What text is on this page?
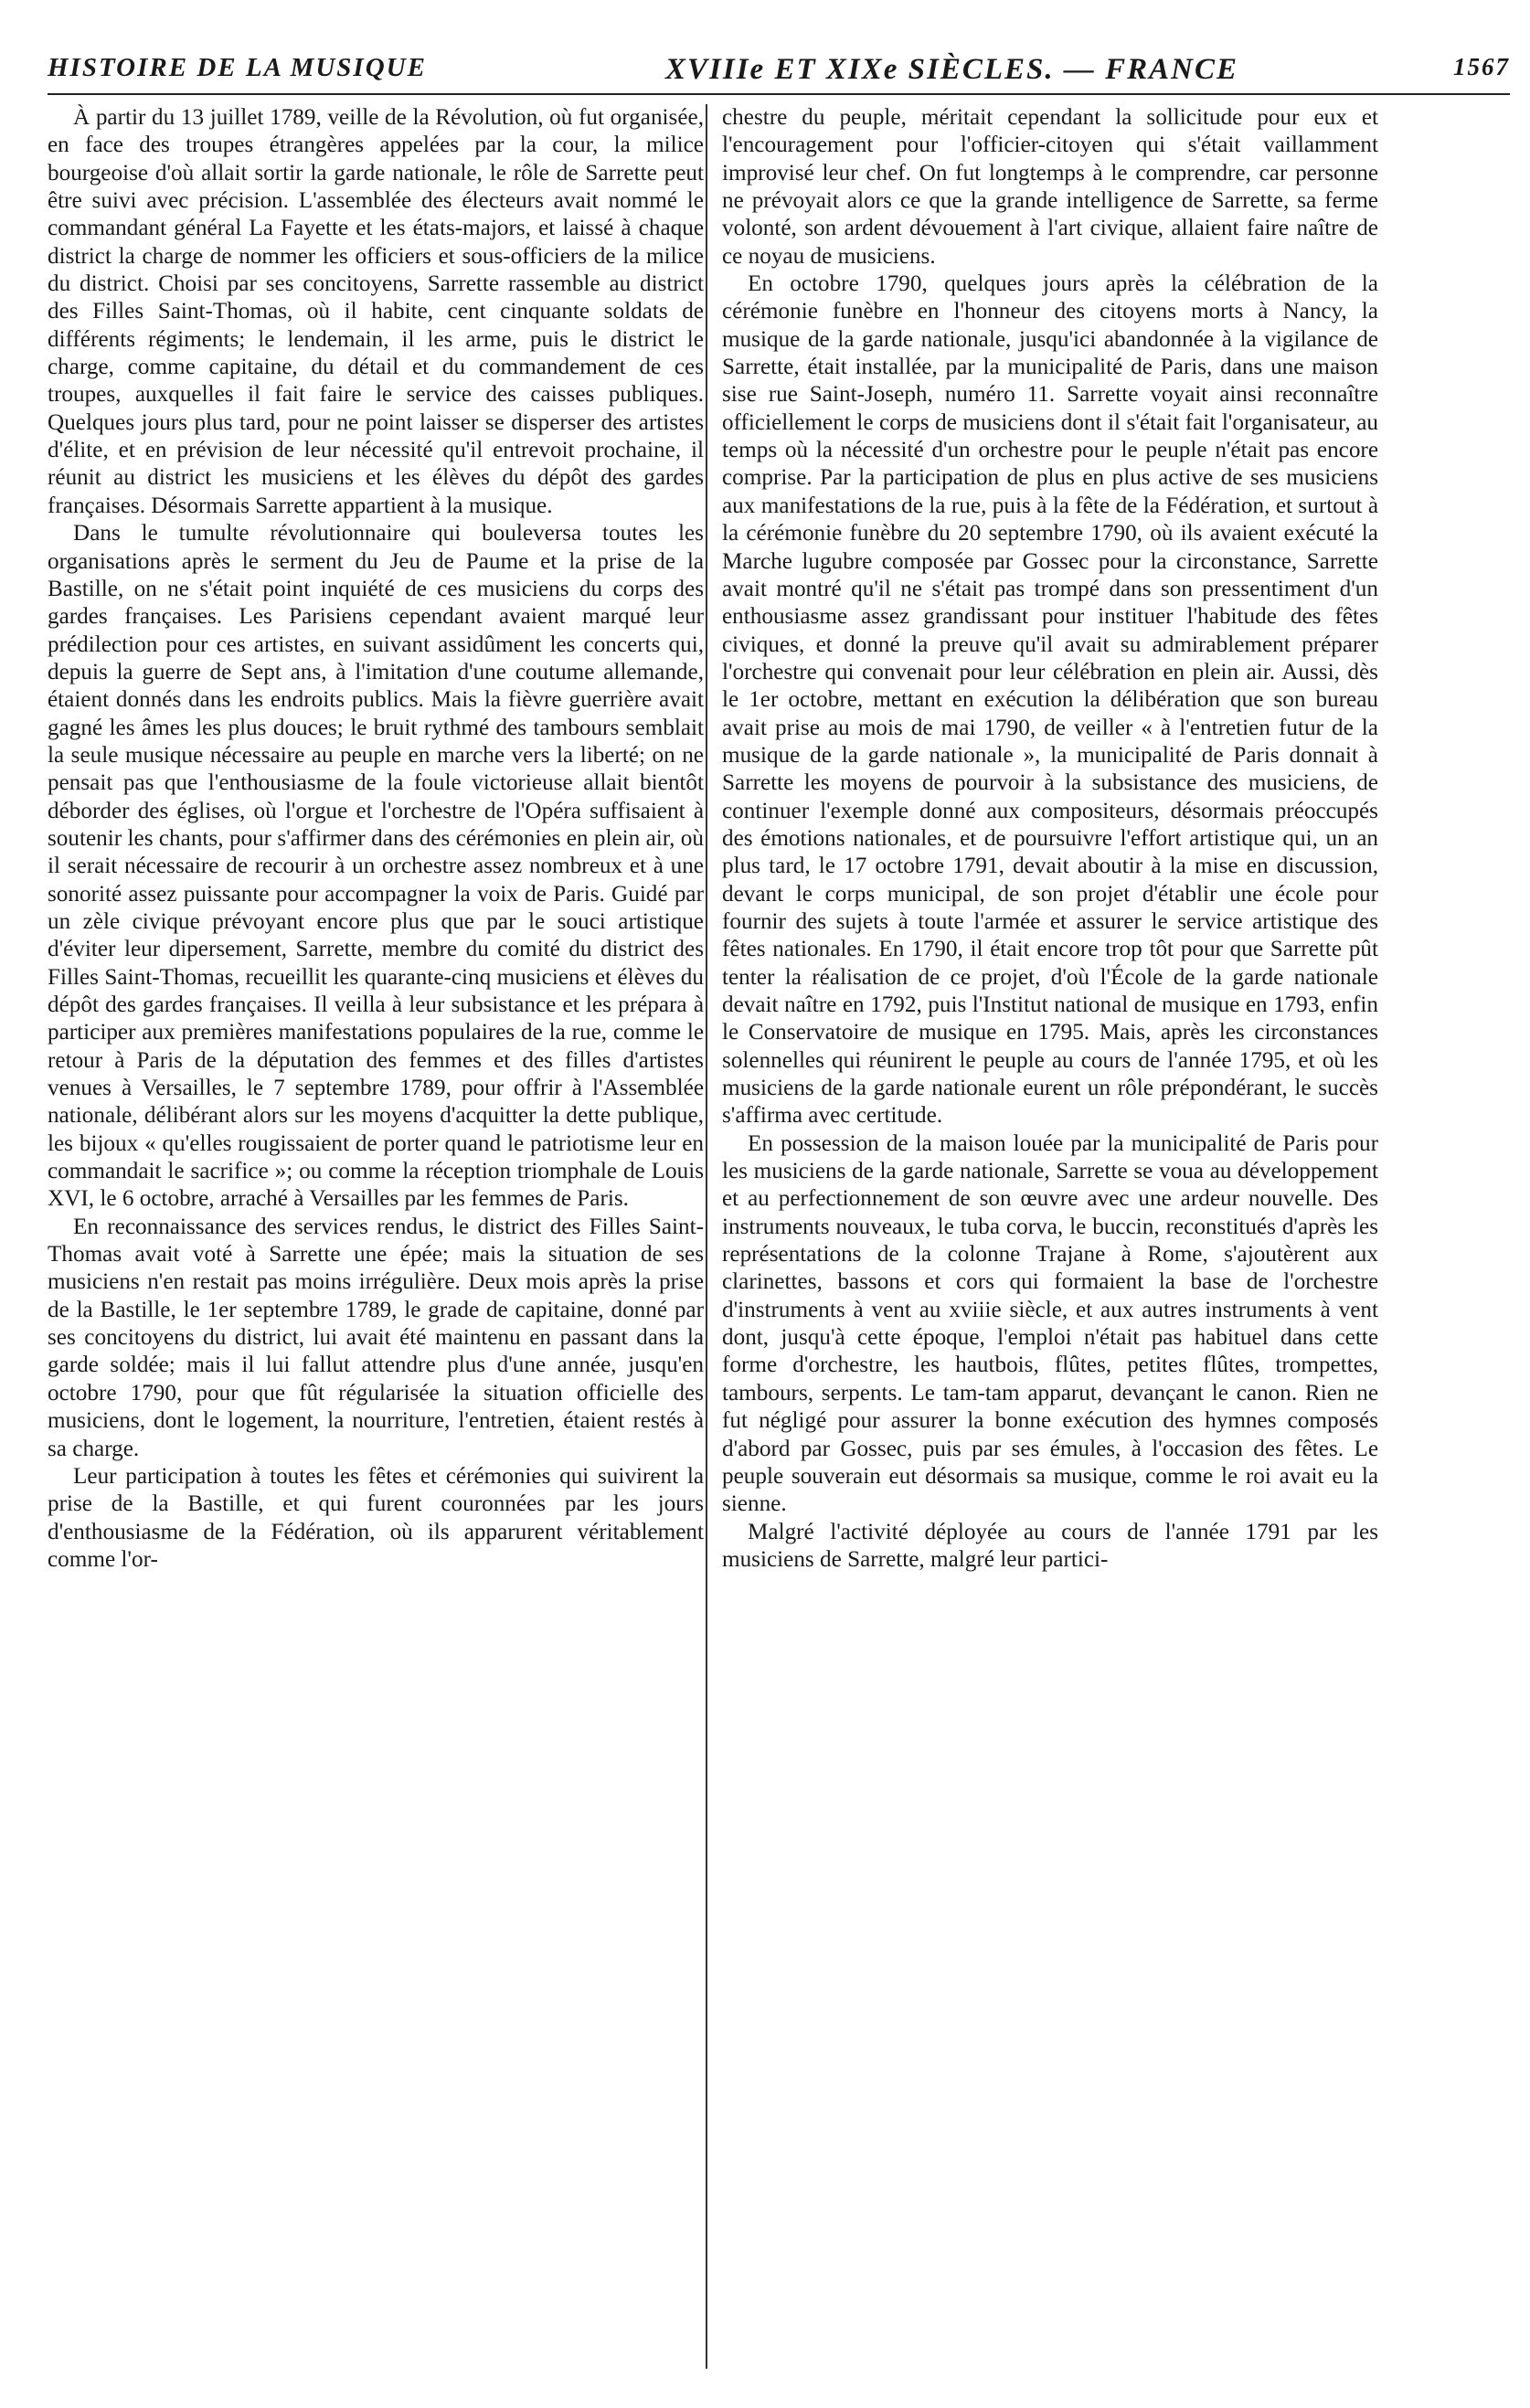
HISTOIRE DE LA MUSIQUE	XVIIIe ET XIXe SIÈCLES. — FRANCE	1567

À partir du 13 juillet 1789, veille de la Révolution, où fut organisée, en face des troupes étrangères appelées par la cour, la milice bourgeoise d'où allait sortir la garde nationale, le rôle de Sarrette peut être suivi avec précision. L'assemblée des électeurs avait nommé le commandant général La Fayette et les états-majors, et laissé à chaque district la charge de nommer les officiers et sous-officiers de la milice du district. Choisi par ses concitoyens, Sarrette rassemble au district des Filles Saint-Thomas, où il habite, cent cinquante soldats de différents régiments; le lendemain, il les arme, puis le district le charge, comme capitaine, du détail et du commandement de ces troupes, auxquelles il fait faire le service des caisses publiques. Quelques jours plus tard, pour ne point laisser se disperser des artistes d'élite, et en prévision de leur nécessité qu'il entrevoit prochaine, il réunit au district les musiciens et les élèves du dépôt des gardes françaises. Désormais Sarrette appartient à la musique.

Dans le tumulte révolutionnaire qui bouleversa toutes les organisations après le serment du Jeu de Paume et la prise de la Bastille, on ne s'était point inquiété de ces musiciens du corps des gardes françaises. Les Parisiens cependant avaient marqué leur prédilection pour ces artistes, en suivant assidûment les concerts qui, depuis la guerre de Sept ans, à l'imitation d'une coutume allemande, étaient donnés dans les endroits publics. Mais la fièvre guerrière avait gagné les âmes les plus douces; le bruit rythmé des tambours semblait la seule musique nécessaire au peuple en marche vers la liberté; on ne pensait pas que l'enthousiasme de la foule victorieuse allait bientôt déborder des églises, où l'orgue et l'orchestre de l'Opéra suffisaient à soutenir les chants, pour s'affirmer dans des cérémonies en plein air, où il serait nécessaire de recourir à un orchestre assez nombreux et à une sonorité assez puissante pour accompagner la voix de Paris. Guidé par un zèle civique prévoyant encore plus que par le souci artistique d'éviter leur dipersement, Sarrette, membre du comité du district des Filles Saint-Thomas, recueillit les quarante-cinq musiciens et élèves du dépôt des gardes françaises. Il veilla à leur subsistance et les prépara à participer aux premières manifestations populaires de la rue, comme le retour à Paris de la députation des femmes et des filles d'artistes venues à Versailles, le 7 septembre 1789, pour offrir à l'Assemblée nationale, délibérant alors sur les moyens d'acquitter la dette publique, les bijoux « qu'elles rougissaient de porter quand le patriotisme leur en commandait le sacrifice »; ou comme la réception triomphale de Louis XVI, le 6 octobre, arraché à Versailles par les femmes de Paris.

En reconnaissance des services rendus, le district des Filles Saint-Thomas avait voté à Sarrette une épée; mais la situation de ses musiciens n'en restait pas moins irrégulière. Deux mois après la prise de la Bastille, le 1er septembre 1789, le grade de capitaine, donné par ses concitoyens du district, lui avait été maintenu en passant dans la garde soldée; mais il lui fallut attendre plus d'une année, jusqu'en octobre 1790, pour que fût régularisée la situation officielle des musiciens, dont le logement, la nourriture, l'entretien, étaient restés à sa charge.

Leur participation à toutes les fêtes et cérémonies qui suivirent la prise de la Bastille, et qui furent couronnées par les jours d'enthousiasme de la Fédération, où ils apparurent véritablement comme l'or-

chestre du peuple, méritait cependant la sollicitude pour eux et l'encouragement pour l'officier-citoyen qui s'était vaillamment improvisé leur chef. On fut longtemps à le comprendre, car personne ne prévoyait alors ce que la grande intelligence de Sarrette, sa ferme volonté, son ardent dévouement à l'art civique, allaient faire naître de ce noyau de musiciens.

En octobre 1790, quelques jours après la célébration de la cérémonie funèbre en l'honneur des citoyens morts à Nancy, la musique de la garde nationale, jusqu'ici abandonnée à la vigilance de Sarrette, était installée, par la municipalité de Paris, dans une maison sise rue Saint-Joseph, numéro 11. Sarrette voyait ainsi reconnaître officiellement le corps de musiciens dont il s'était fait l'organisateur, au temps où la nécessité d'un orchestre pour le peuple n'était pas encore comprise. Par la participation de plus en plus active de ses musiciens aux manifestations de la rue, puis à la fête de la Fédération, et surtout à la cérémonie funèbre du 20 septembre 1790, où ils avaient exécuté la Marche lugubre composée par Gossec pour la circonstance, Sarrette avait montré qu'il ne s'était pas trompé dans son pressentiment d'un enthousiasme assez grandissant pour instituer l'habitude des fêtes civiques, et donné la preuve qu'il avait su admirablement préparer l'orchestre qui convenait pour leur célébration en plein air. Aussi, dès le 1er octobre, mettant en exécution la délibération que son bureau avait prise au mois de mai 1790, de veiller « à l'entretien futur de la musique de la garde nationale », la municipalité de Paris donnait à Sarrette les moyens de pourvoir à la subsistance des musiciens, de continuer l'exemple donné aux compositeurs, désormais préoccupés des émotions nationales, et de poursuivre l'effort artistique qui, un an plus tard, le 17 octobre 1791, devait aboutir à la mise en discussion, devant le corps municipal, de son projet d'établir une école pour fournir des sujets à toute l'armée et assurer le service artistique des fêtes nationales. En 1790, il était encore trop tôt pour que Sarrette pût tenter la réalisation de ce projet, d'où l'École de la garde nationale devait naître en 1792, puis l'Institut national de musique en 1793, enfin le Conservatoire de musique en 1795. Mais, après les circonstances solennelles qui réunirent le peuple au cours de l'année 1795, et où les musiciens de la garde nationale eurent un rôle prépondérant, le succès s'affirma avec certitude.

En possession de la maison louée par la municipalité de Paris pour les musiciens de la garde nationale, Sarrette se voua au développement et au perfectionnement de son œuvre avec une ardeur nouvelle. Des instruments nouveaux, le tuba corva, le buccin, reconstitués d'après les représentations de la colonne Trajane à Rome, s'ajoutèrent aux clarinettes, bassons et cors qui formaient la base de l'orchestre d'instruments à vent au xviiie siècle, et aux autres instruments à vent dont, jusqu'à cette époque, l'emploi n'était pas habituel dans cette forme d'orchestre, les hautbois, flûtes, petites flûtes, trompettes, tambours, serpents. Le tam-tam apparut, devançant le canon. Rien ne fut négligé pour assurer la bonne exécution des hymnes composés d'abord par Gossec, puis par ses émules, à l'occasion des fêtes. Le peuple souverain eut désormais sa musique, comme le roi avait eu la sienne.

Malgré l'activité déployée au cours de l'année 1791 par les musiciens de Sarrette, malgré leur partici-
